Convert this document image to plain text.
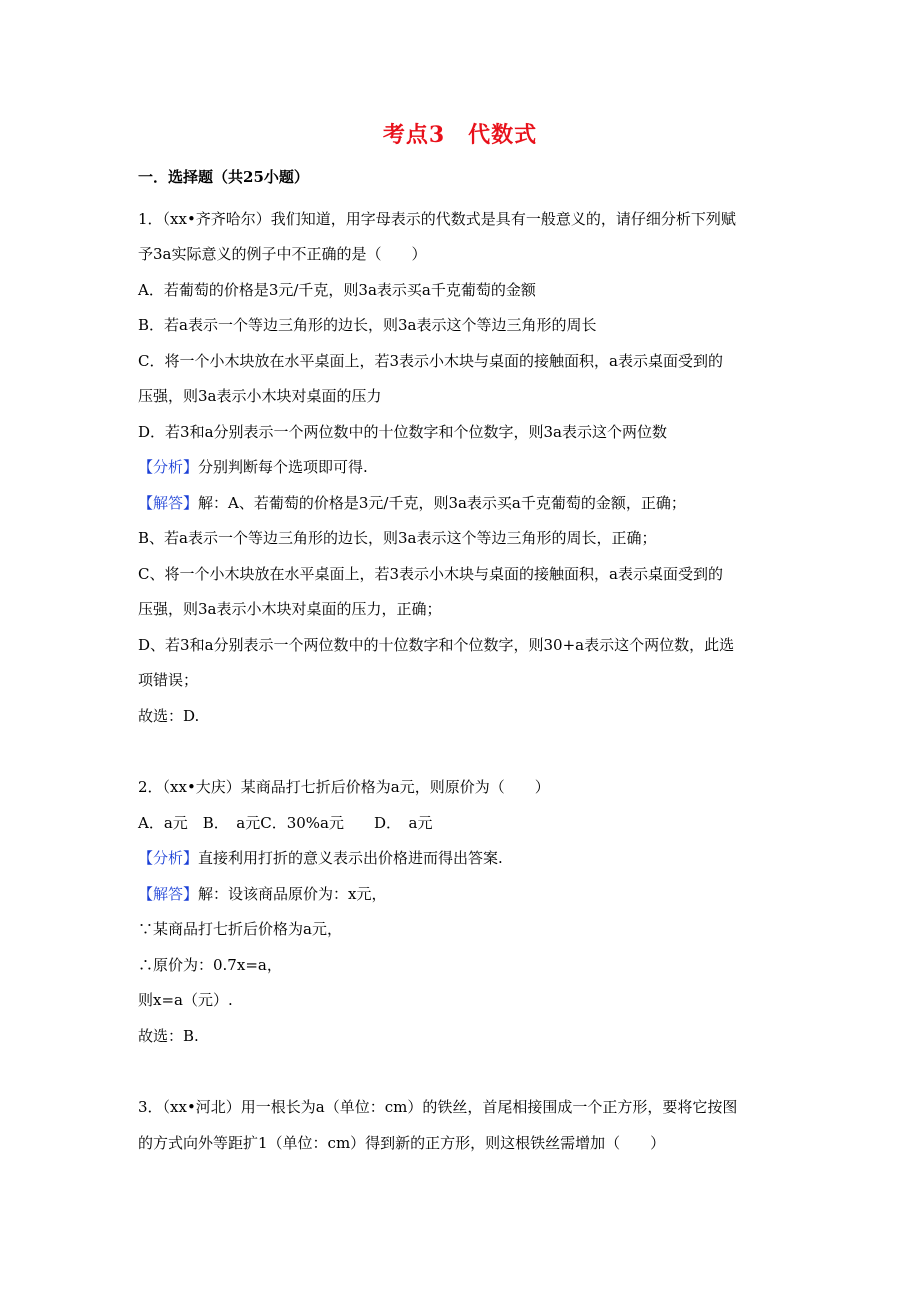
考点3　代数式
一．选择题（共25小题）
1．（xx•齐齐哈尔）我们知道，用字母表示的代数式是具有一般意义的，请仔细分析下列赋
予3a实际意义的例子中不正确的是（　　）
A．若葡萄的价格是3元/千克，则3a表示买a千克葡萄的金额
B．若a表示一个等边三角形的边长，则3a表示这个等边三角形的周长
C．将一个小木块放在水平桌面上，若3表示小木块与桌面的接触面积，a表示桌面受到的
压强，则3a表示小木块对桌面的压力
D．若3和a分别表示一个两位数中的十位数字和个位数字，则3a表示这个两位数
【分析】分别判断每个选项即可得.
【解答】解：A、若葡萄的价格是3元/千克，则3a表示买a千克葡萄的金额，正确；
B、若a表示一个等边三角形的边长，则3a表示这个等边三角形的周长，正确；
C、将一个小木块放在水平桌面上，若3表示小木块与桌面的接触面积，a表示桌面受到的
压强，则3a表示小木块对桌面的压力，正确；
D、若3和a分别表示一个两位数中的十位数字和个位数字，则30+a表示这个两位数，此选
项错误；
故选：D.
2．（xx•大庆）某商品打七折后价格为a元，则原价为（　　）
A．a元　B．　a元C．30%a元　　D．　a元
【分析】直接利用打折的意义表示出价格进而得出答案.
【解答】解：设该商品原价为：x元，
∵某商品打七折后价格为a元，
∴原价为：0.7x=a，
则x=a（元）.
故选：B.
3．（xx•河北）用一根长为a（单位：cm）的铁丝，首尾相接围成一个正方形，要将它按图
的方式向外等距扩1（单位：cm）得到新的正方形，则这根铁丝需增加（　　）
